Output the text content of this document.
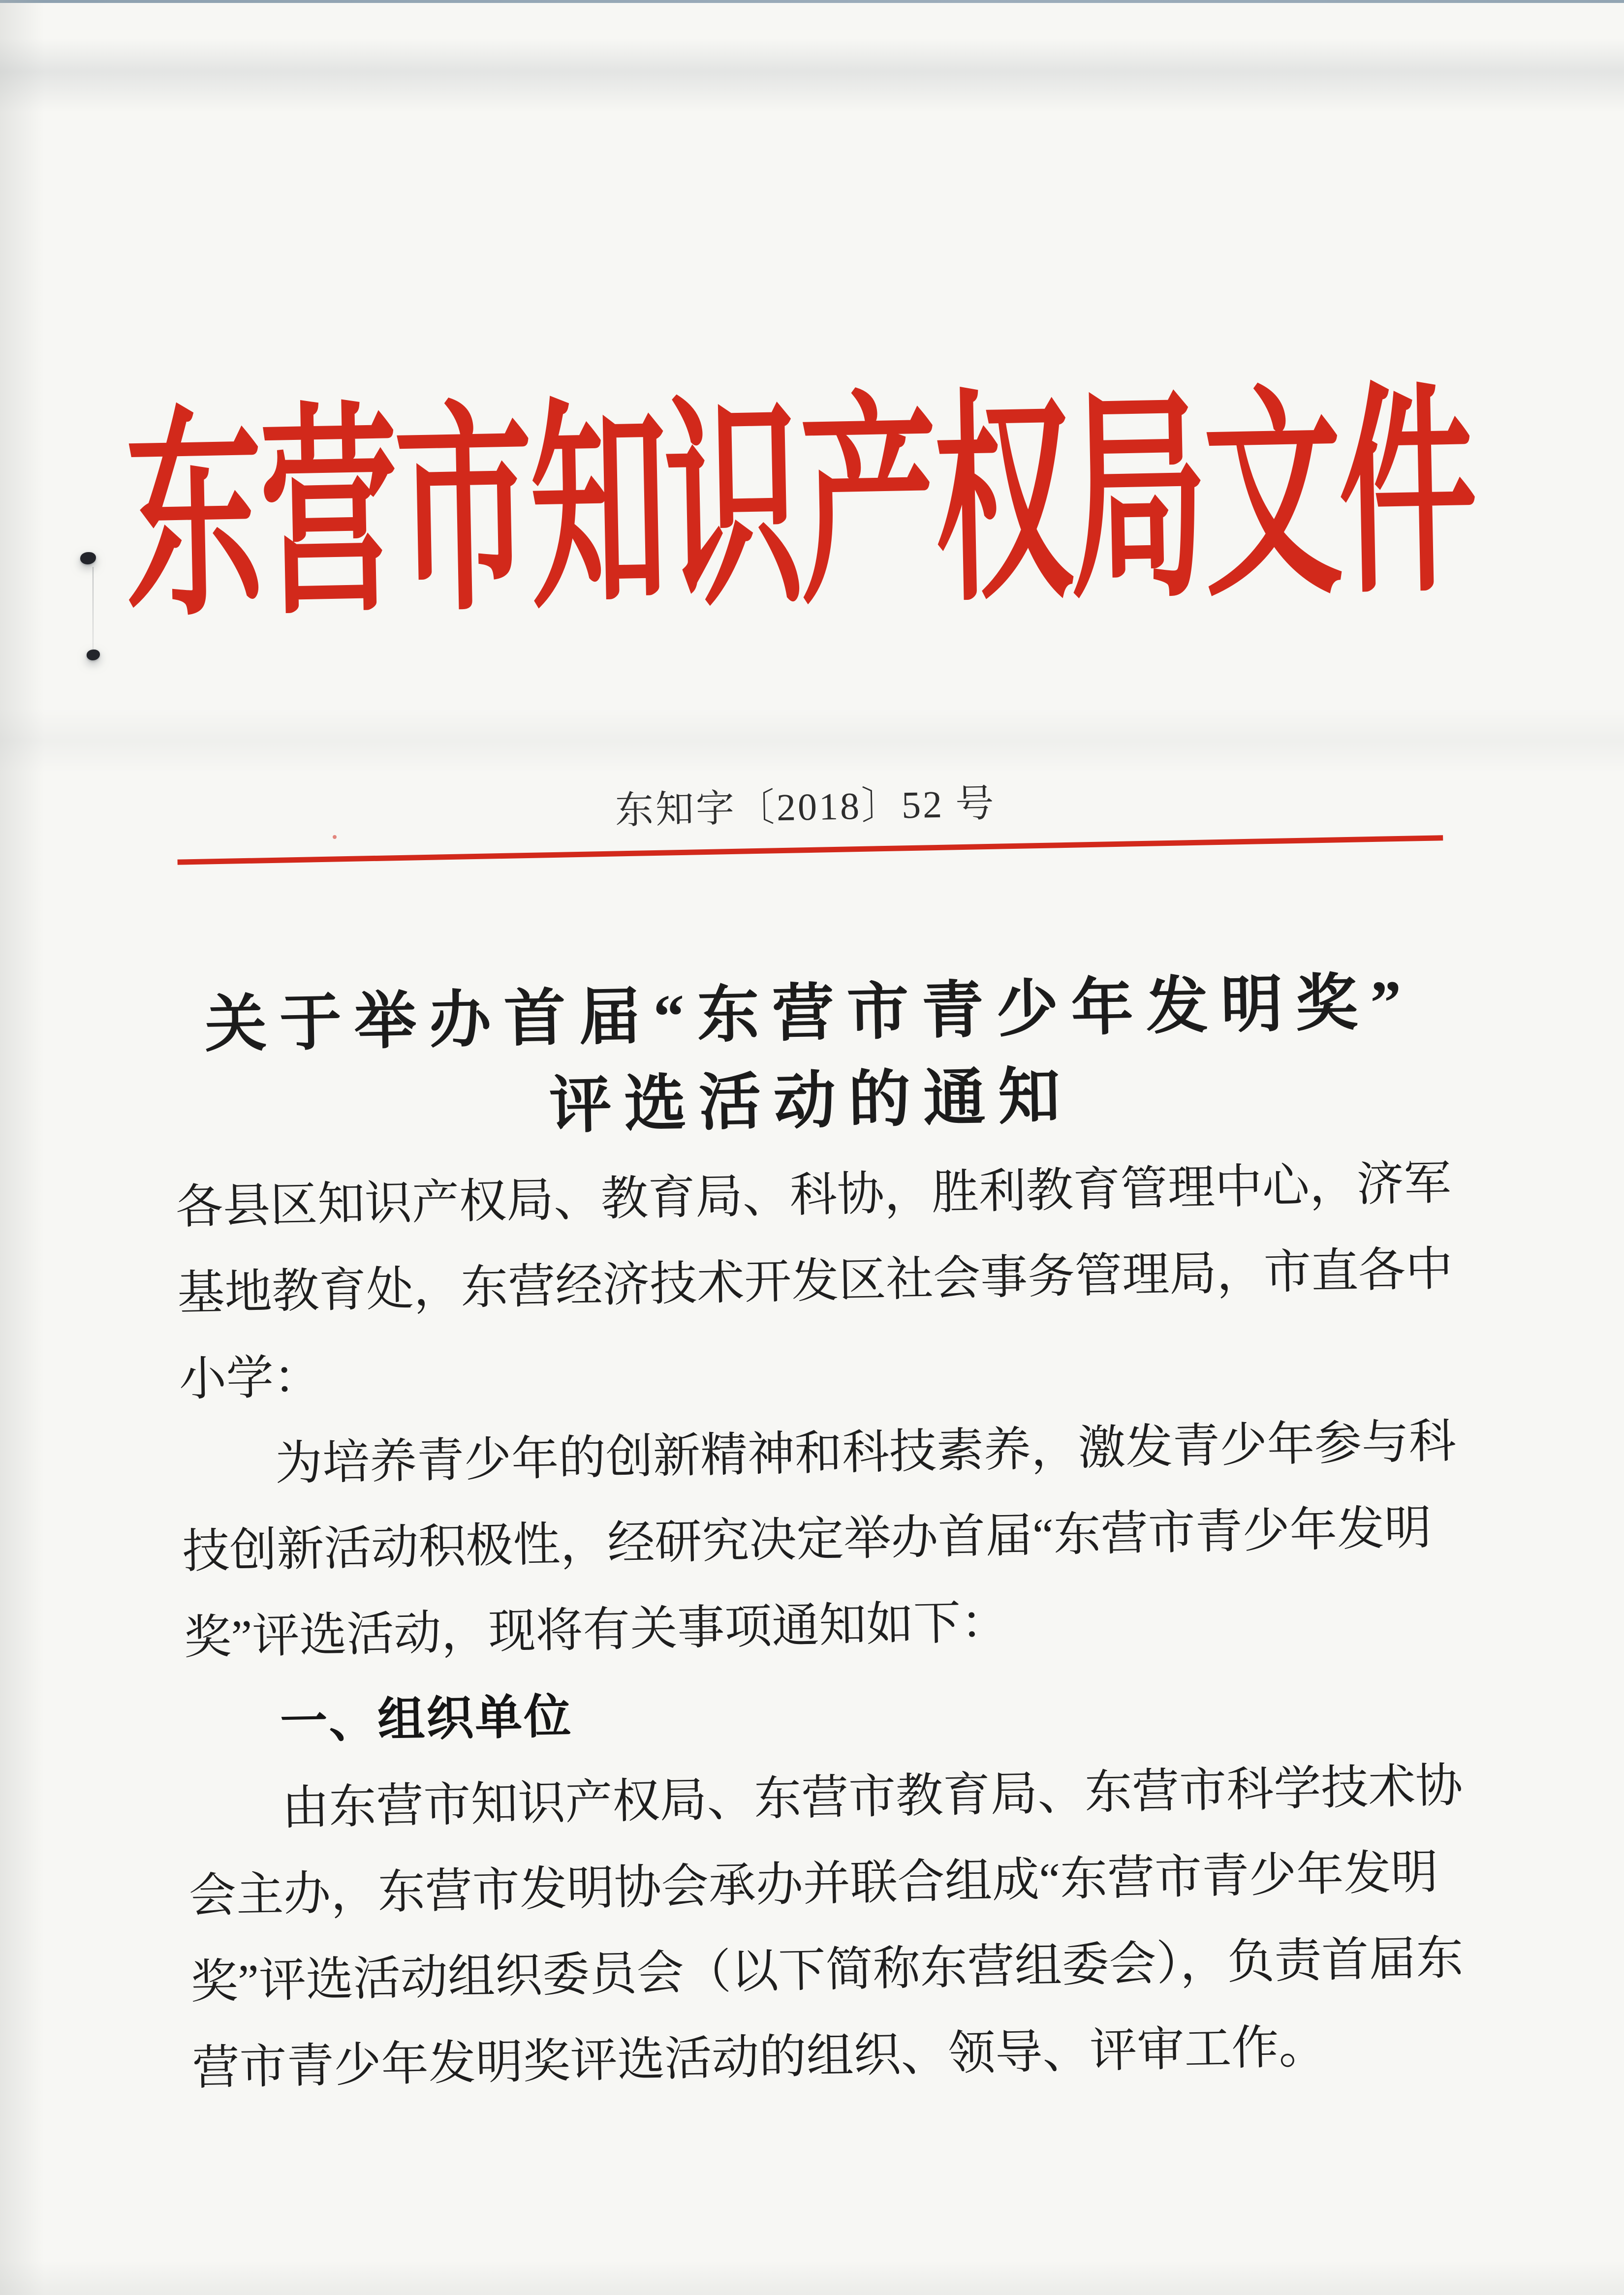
东营市知识产权局文件
东知字〔2018〕52 号
关于举办首届“东营市青少年发明奖”
评选活动的通知
各县区知识产权局、教育局、科协，胜利教育管理中心，济军
基地教育处，东营经济技术开发区社会事务管理局，市直各中
小学：
为培养青少年的创新精神和科技素养，激发青少年参与科
技创新活动积极性，经研究决定举办首届“东营市青少年发明
奖”评选活动，现将有关事项通知如下：
一、组织单位
由东营市知识产权局、东营市教育局、东营市科学技术协
会主办，东营市发明协会承办并联合组成“东营市青少年发明
奖”评选活动组织委员会（以下简称东营组委会），负责首届东
营市青少年发明奖评选活动的组织、领导、评审工作。
